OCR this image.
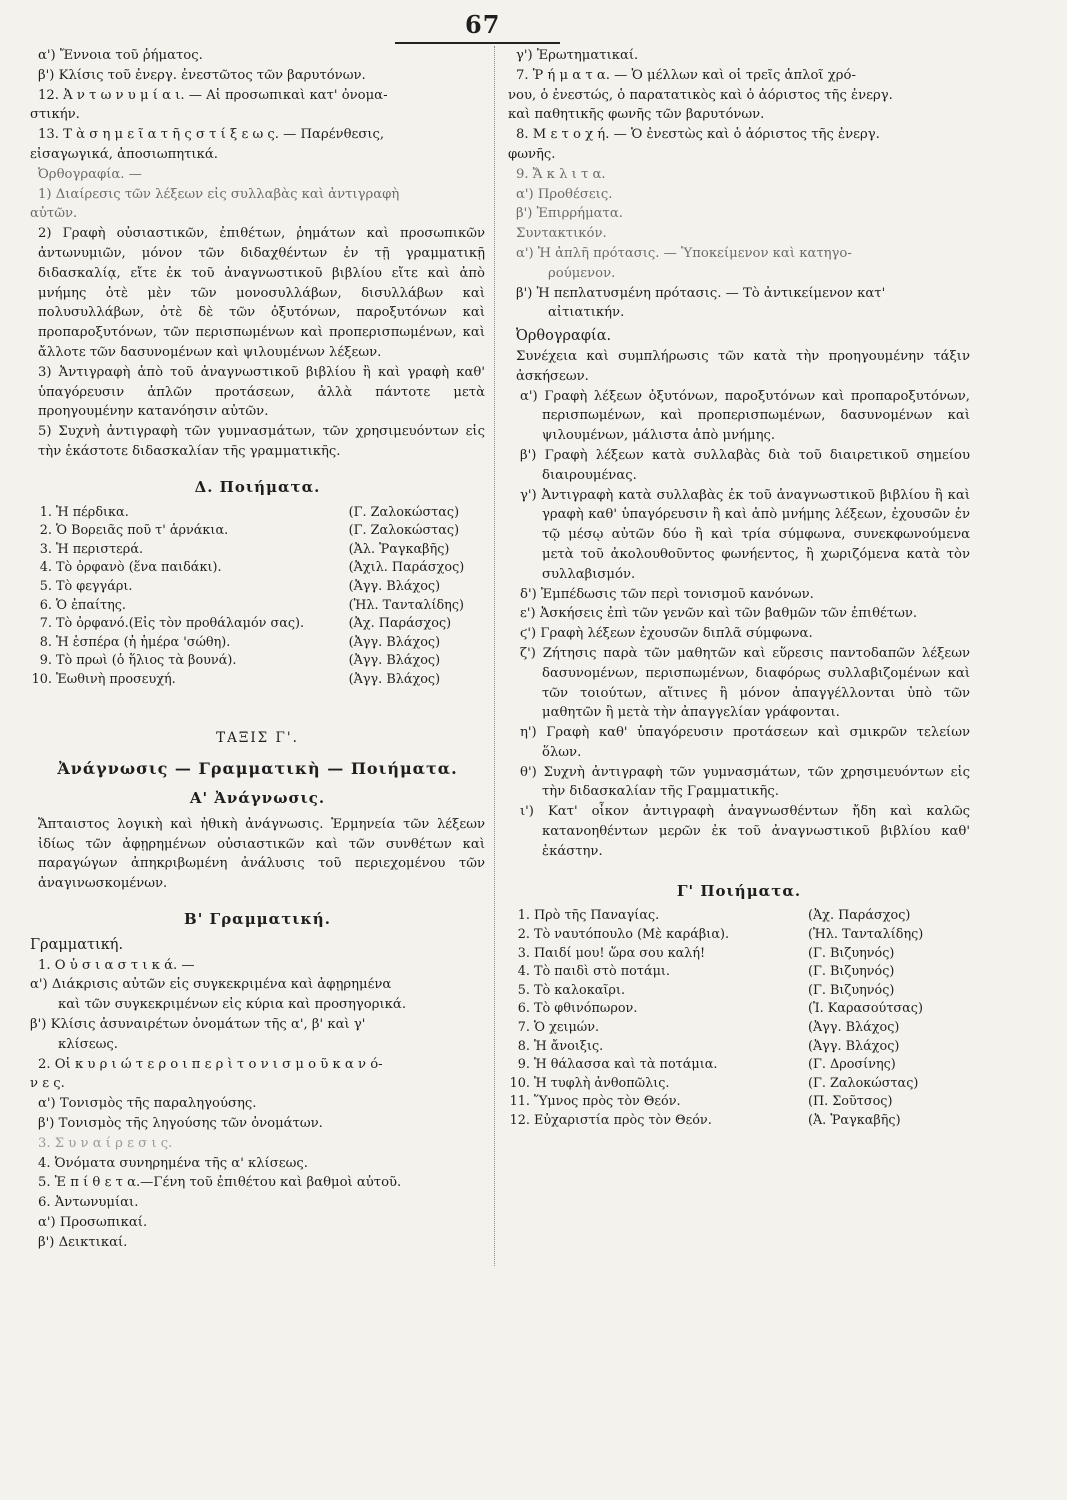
67
α') Ἔννοια τοῦ ῥήματος.
β') Κλίσις τοῦ ἐνεργ. ἐνεστῶτος τῶν βαρυτόνων.
12. Ἀ ν τ ω ν υ μ ί α ι. — Αἱ προσωπικαὶ κατ' ὀνομα-
στικήν.
13. Τ ὰ σ η μ ε ῖ α τ ῆ ς σ τ ί ξ ε ω ς. — Παρένθεσις,
εἰσαγωγικά, ἀποσιωπητικά.
Ὀρθογραφία. —
1) Διαίρεσις τῶν λέξεων εἰς συλλαβὰς καὶ ἀντιγραφὴ
αὐτῶν.
2) Γραφὴ οὐσιαστικῶν, ἐπιθέτων, ῥημάτων καὶ προσωπικῶν ἀντωνυμιῶν, μόνον τῶν διδαχθέντων ἐν τῇ γραμματικῇ διδασκαλίᾳ, εἴτε ἐκ τοῦ ἀναγνωστικοῦ βιβλίου εἴτε καὶ ἀπὸ μνήμης ὁτὲ μὲν τῶν μονοσυλλάβων, δισυλλάβων καὶ πολυσυλλάβων, ὁτὲ δὲ τῶν ὀξυτόνων, παροξυτόνων καὶ προπαροξυτόνων, τῶν περισπωμένων καὶ προπερισπωμένων, καὶ ἄλλοτε τῶν δασυνομένων καὶ ψιλουμένων λέξεων.
3) Ἀντιγραφὴ ἀπὸ τοῦ ἀναγνωστικοῦ βιβλίου ἢ καὶ γραφὴ καθ' ὑπαγόρευσιν ἁπλῶν προτάσεων, ἀλλὰ πάντοτε μετὰ προηγουμένην κατανόησιν αὐτῶν.
5) Συχνὴ ἀντιγραφὴ τῶν γυμνασμάτων, τῶν χρησιμευόντων εἰς τὴν ἑκάστοτε διδασκαλίαν τῆς γραμματικῆς.
Δ. Ποιήματα.
1.	Ἡ πέρδικα.	(Γ. Ζαλοκώστας)
2.	Ὁ Βορειᾶς ποῦ τ' ἀρνάκια.	(Γ. Ζαλοκώστας)
3.	Ἡ περιστερά.	(Ἀλ. Ῥαγκαβῆς)
4.	Τὸ ὀρφανὸ (ἕνα παιδάκι).	(Ἀχιλ. Παράσχος)
5.	Τὸ φεγγάρι.	(Ἀγγ. Βλάχος)
6.	Ὁ ἐπαίτης.	(Ἠλ. Τανταλίδης)
7.	Τὸ ὀρφανό.(Εἰς τὸν προθάλαμόν σας).	(Ἀχ. Παράσχος)
8.	Ἡ ἑσπέρα (ἡ ἡμέρα 'σώθη).	(Ἀγγ. Βλάχος)
9.	Τὸ πρωὶ (ὁ ἥλιος τὰ βουνά).	(Ἀγγ. Βλάχος)
10.	Ἑωθινὴ προσευχή.	(Ἀγγ. Βλάχος)
ΤΑΞΙΣ Γ'.
Ἀνάγνωσις — Γραμματικὴ — Ποιήματα.
Α' Ἀνάγνωσις.
Ἄπταιστος λογικὴ καὶ ἠθικὴ ἀνάγνωσις. Ἑρμηνεία τῶν λέξεων ἰδίως τῶν ἀφῃρημένων οὐσιαστικῶν καὶ τῶν συνθέτων καὶ παραγώγων ἀπηκριβωμένη ἀνάλυσις τοῦ περιεχομένου τῶν ἀναγινωσκομένων.
Β' Γραμματική.
Γραμματική.
1. Ο ὐ σ ι α σ τ ι κ ά. —
α') Διάκρισις αὐτῶν εἰς συγκεκριμένα καὶ ἀφῃρημένα
καὶ τῶν συγκεκριμένων εἰς κύρια καὶ προσηγορικά.
β') Κλίσις ἀσυναιρέτων ὀνομάτων τῆς α', β' καὶ γ'
κλίσεως.
2. Οἱ κ υ ρ ι ώ τ ε ρ ο ι π ε ρ ὶ τ ο ν ι σ μ ο ῦ κ α ν ό-
ν ε ς.
α') Τονισμὸς τῆς παραληγούσης.
β') Τονισμὸς τῆς ληγούσης τῶν ὀνομάτων.
3. Σ υ ν α ί ρ ε σ ι ς.
4. Ὀνόματα συνηρημένα τῆς α' κλίσεως.
5. Ἐ π ί θ ε τ α.—Γένη τοῦ ἐπιθέτου καὶ βαθμοὶ αὐτοῦ.
6. Ἀντωνυμίαι.
α') Προσωπικαί.
β') Δεικτικαί.
γ') Ἐρωτηματικαί.
7. Ῥ ή μ α τ α. — Ὁ μέλλων καὶ οἱ τρεῖς ἁπλοῖ χρό-
νου, ὁ ἐνεστώς, ὁ παρατατικὸς καὶ ὁ ἀόριστος τῆς ἐνεργ.
καὶ παθητικῆς φωνῆς τῶν βαρυτόνων.
8. Μ ε τ ο χ ή. — Ὁ ἐνεστὼς καὶ ὁ ἀόριστος τῆς ἐνεργ.
φωνῆς.
9. Ἄ κ λ ι τ α.
α') Προθέσεις.
β') Ἐπιρρήματα.
Συντακτικόν.
α') Ἡ ἁπλῆ πρότασις. — Ὑποκείμενον καὶ κατηγο-
ρούμενον.
β') Ἡ πεπλατυσμένη πρότασις. — Τὸ ἀντικείμενον κατ'
αἰτιατικήν.
Ὀρθογραφία.
Συνέχεια καὶ συμπλήρωσις τῶν κατὰ τὴν προηγουμένην τάξιν ἀσκήσεων.
α') Γραφὴ λέξεων ὀξυτόνων, παροξυτόνων καὶ προπαροξυτόνων, περισπωμένων, καὶ προπερισπωμένων, δασυνομένων καὶ ψιλουμένων, μάλιστα ἀπὸ μνήμης.
β') Γραφὴ λέξεων κατὰ συλλαβὰς διὰ τοῦ διαιρετικοῦ σημείου διαιρουμένας.
γ') Ἀντιγραφὴ κατὰ συλλαβὰς ἐκ τοῦ ἀναγνωστικοῦ βιβλίου ἢ καὶ γραφὴ καθ' ὑπαγόρευσιν ἢ καὶ ἀπὸ μνήμης λέξεων, ἐχουσῶν ἐν τῷ μέσῳ αὐτῶν δύο ἢ καὶ τρία σύμφωνα, συνεκφωνούμενα μετὰ τοῦ ἀκολουθοῦντος φωνήεντος, ἢ χωριζόμενα κατὰ τὸν συλλαβισμόν.
δ') Ἐμπέδωσις τῶν περὶ τονισμοῦ κανόνων.
ε') Ἀσκήσεις ἐπὶ τῶν γενῶν καὶ τῶν βαθμῶν τῶν ἐπιθέτων.
ϛ') Γραφὴ λέξεων ἐχουσῶν διπλᾶ σύμφωνα.
ζ') Ζήτησις παρὰ τῶν μαθητῶν καὶ εὕρεσις παντοδαπῶν λέξεων δασυνομένων, περισπωμένων, διαφόρως συλλαβιζομένων καὶ τῶν τοιούτων, αἵτινες ἢ μόνον ἀπαγγέλλονται ὑπὸ τῶν μαθητῶν ἢ μετὰ τὴν ἀπαγγελίαν γράφονται.
η') Γραφὴ καθ' ὑπαγόρευσιν προτάσεων καὶ σμικρῶν τελείων ὅλων.
θ') Συχνὴ ἀντιγραφὴ τῶν γυμνασμάτων, τῶν χρησιμευόντων εἰς τὴν διδασκαλίαν τῆς Γραμματικῆς.
ι') Κατ' οἶκον ἀντιγραφὴ ἀναγνωσθέντων ἤδη καὶ καλῶς κατανοηθέντων μερῶν ἐκ τοῦ ἀναγνωστικοῦ βιβλίου καθ' ἑκάστην.
Γ' Ποιήματα.
1.	Πρὸ τῆς Παναγίας.	(Ἀχ. Παράσχος)
2.	Τὸ ναυτόπουλο (Μὲ καράβια).	(Ἠλ. Τανταλίδης)
3.	Παιδί μου! ὥρα σου καλή!	(Γ. Βιζυηνός)
4.	Τὸ παιδὶ στὸ ποτάμι.	(Γ. Βιζυηνός)
5.	Τὸ καλοκαῖρι.	(Γ. Βιζυηνός)
6.	Τὸ φθινόπωρον.	(Ἰ. Καρασούτσας)
7.	Ὁ χειμών.	(Ἀγγ. Βλάχος)
8.	Ἡ ἄνοιξις.	(Ἀγγ. Βλάχος)
9.	Ἡ θάλασσα καὶ τὰ ποτάμια.	(Γ. Δροσίνης)
10.	Ἡ τυφλὴ ἀνθοπῶλις.	(Γ. Ζαλοκώστας)
11.	Ὕμνος πρὸς τὸν Θεόν.	(Π. Σοῦτσος)
12.	Εὐχαριστία πρὸς τὸν Θεόν.	(Ἀ. Ῥαγκαβῆς)
